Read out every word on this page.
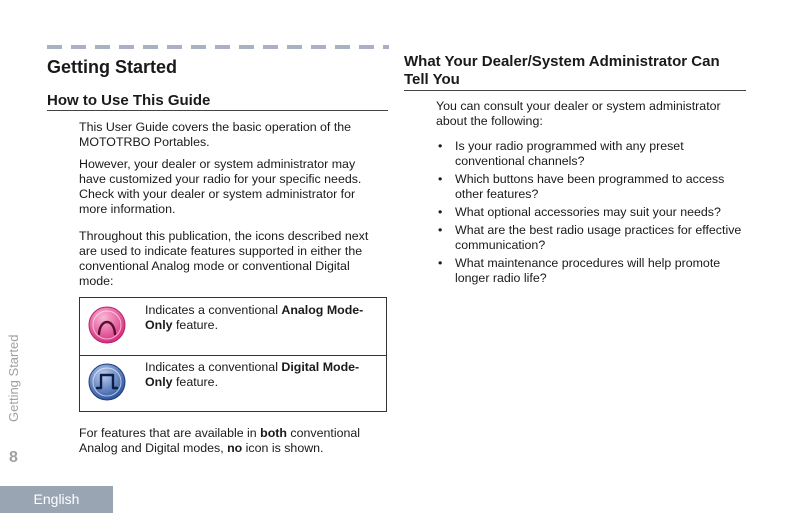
Getting Started
How to Use This Guide

This User Guide covers the basic operation of the MOTOTRBO Portables.

However, your dealer or system administrator may have customized your radio for your specific needs. Check with your dealer or system administrator for more information.

Throughout this publication, the icons described next are used to indicate features supported in either the conventional Analog mode or conventional Digital mode:

Indicates a conventional Analog Mode-Only feature.
Indicates a conventional Digital Mode-Only feature.

For features that are available in both conventional Analog and Digital modes, no icon is shown.

Getting Started
8
English
What Your Dealer/System Administrator Can Tell You

You can consult your dealer or system administrator about the following:

• Is your radio programmed with any preset conventional channels?
• Which buttons have been programmed to access other features?
• What optional accessories may suit your needs?
• What are the best radio usage practices for effective communication?
• What maintenance procedures will help promote longer radio life?
